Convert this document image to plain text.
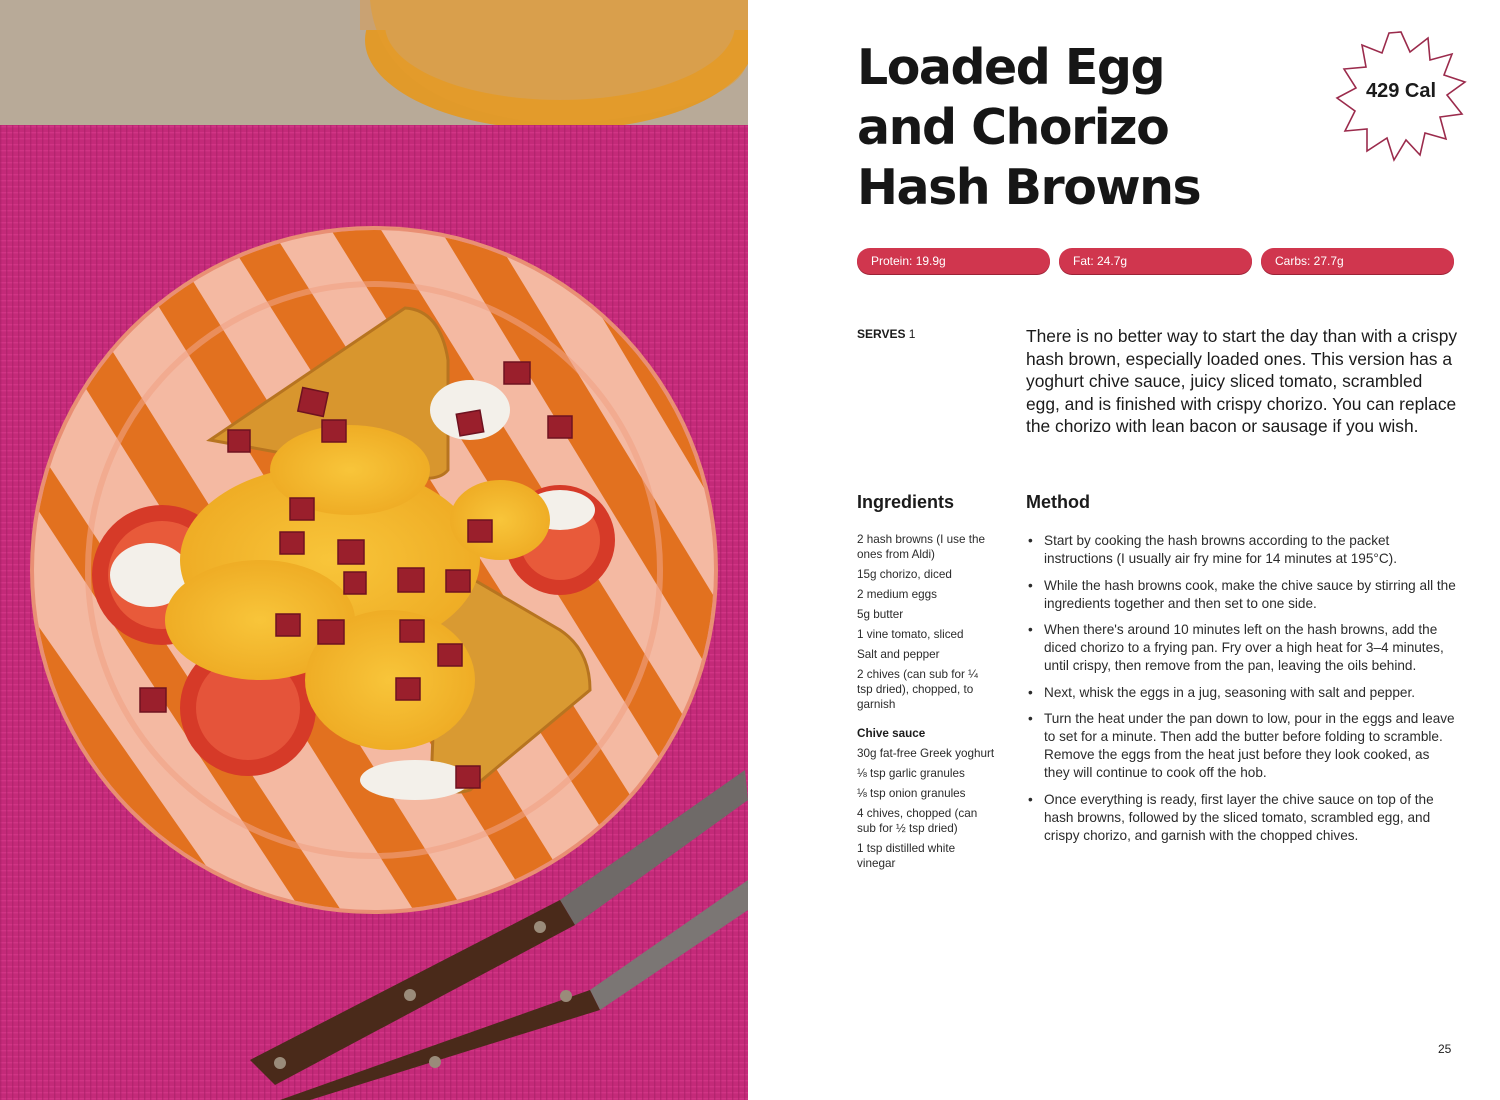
Loaded Egg
and Chorizo
Hash Browns
429 Cal
Protein: 19.9g	Fat: 24.7g	Carbs: 27.7g
SERVES 1	There is no better way to start the day than with a crispy hash brown, especially loaded ones. This version has a yoghurt chive sauce, juicy sliced tomato, scrambled egg, and is finished with crispy chorizo. You can replace the chorizo with lean bacon or sausage if you wish.

Ingredients	Method
2 hash browns (I use the ones from Aldi)
15g chorizo, diced
2 medium eggs
5g butter
1 vine tomato, sliced
Salt and pepper
2 chives (can sub for ¼ tsp dried), chopped, to garnish
Chive sauce
30g fat-free Greek yoghurt
⅛ tsp garlic granules
⅛ tsp onion granules
4 chives, chopped (can sub for ½ tsp dried)
1 tsp distilled white vinegar
• Start by cooking the hash browns according to the packet instructions (I usually air fry mine for 14 minutes at 195°C).
• While the hash browns cook, make the chive sauce by stirring all the ingredients together and then set to one side.
• When there's around 10 minutes left on the hash browns, add the diced chorizo to a frying pan. Fry over a high heat for 3–4 minutes, until crispy, then remove from the pan, leaving the oils behind.
• Next, whisk the eggs in a jug, seasoning with salt and pepper.
• Turn the heat under the pan down to low, pour in the eggs and leave to set for a minute. Then add the butter before folding to scramble. Remove the eggs from the heat just before they look cooked, as they will continue to cook off the hob.
• Once everything is ready, first layer the chive sauce on top of the hash browns, followed by the sliced tomato, scrambled egg, and crispy chorizo, and garnish with the chopped chives.
25
